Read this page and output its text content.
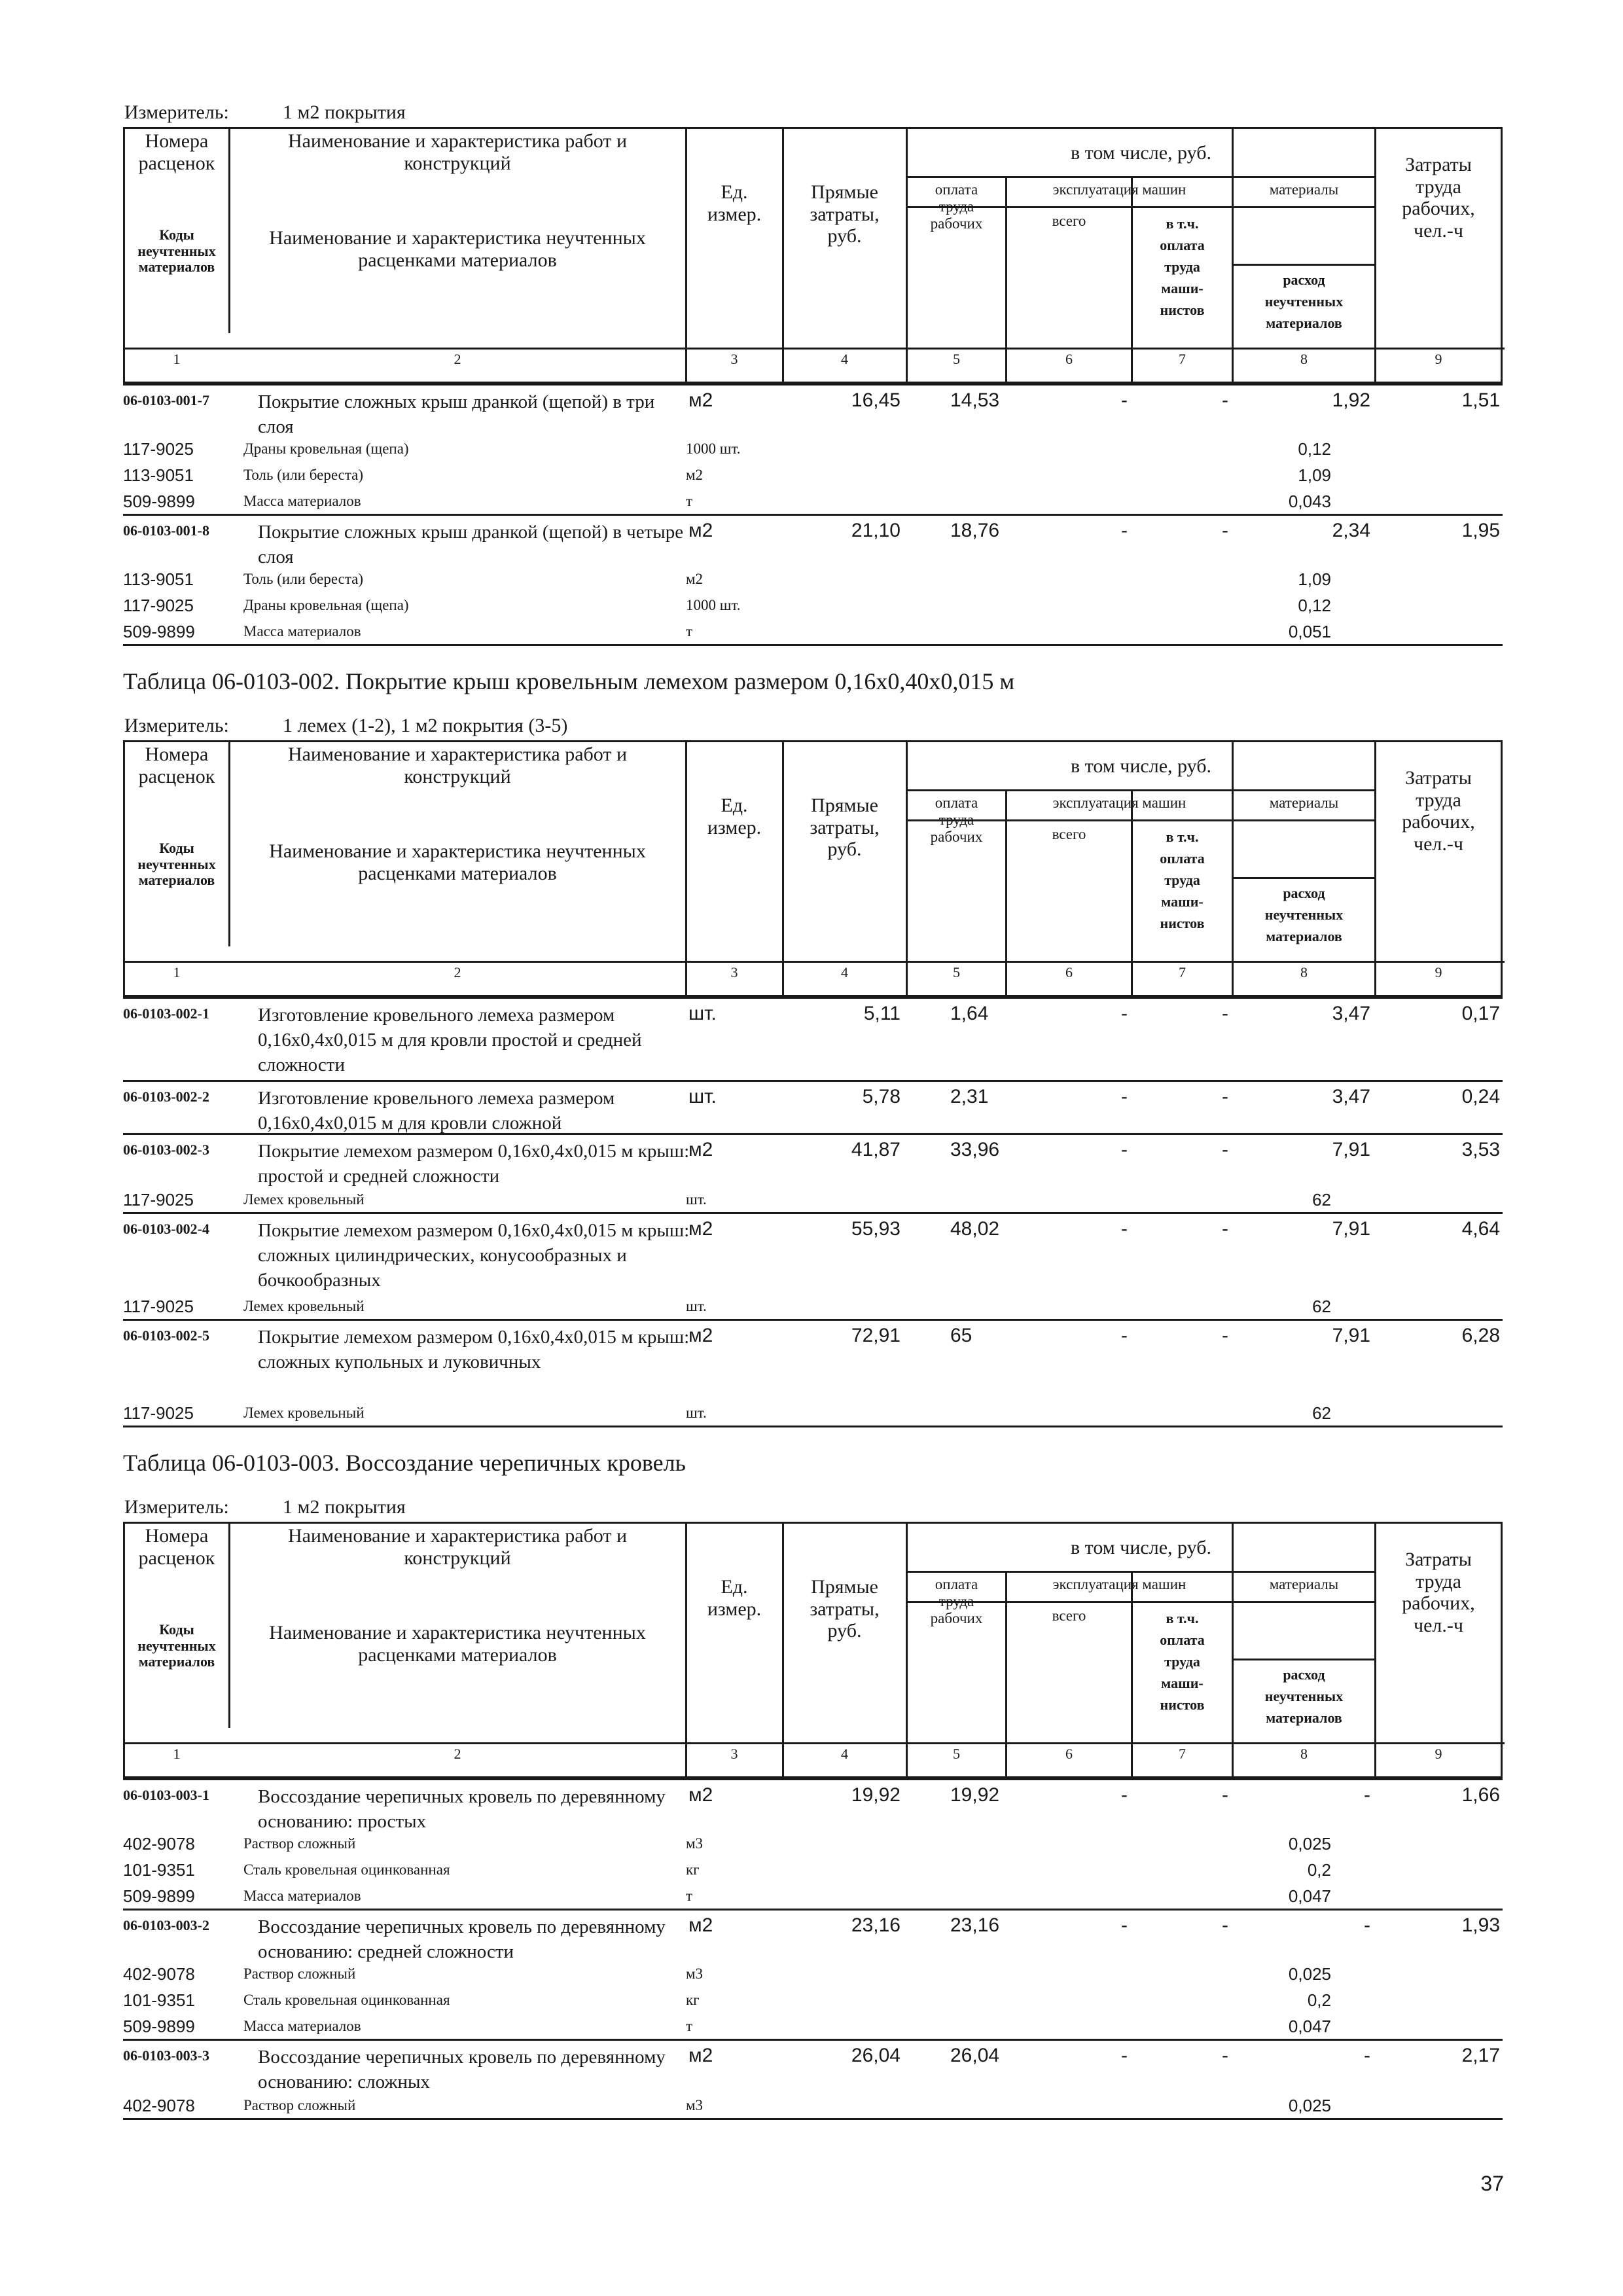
Измеритель:	1 м2 покрытия
Номера расценок
Коды неучтенных материалов
Наименование и характеристика работ и конструкций
Наименование и характеристика неучтенных расценками материалов
Ед. измер.
Прямые затраты, руб.
в том числе, руб.
оплата труда рабочих
эксплуатация машин
всего	в т.ч. оплата труда маши-нистов
материалы
расход неучтенных материалов
Затраты труда рабочих, чел.-ч
1	2	3	4	5	6	7	8	9
06-0103-001-7	Покрытие сложных крыш дранкой (щепой) в три слоя
м2	16,45	14,53	-	-	1,92	1,51
117-9025	Драны кровельная (щепа)	1000 шт.	0,12
113-9051	Толь (или береста)	м2	1,09
509-9899	Масса материалов	т	0,043
06-0103-001-8	Покрытие сложных крыш дранкой (щепой) в четыре слоя
м2	21,10	18,76	-	-	2,34	1,95
113-9051	Толь (или береста)	м2	1,09
117-9025	Драны кровельная (щепа)	1000 шт.	0,12
509-9899	Масса материалов	т	0,051
Таблица 06-0103-002. Покрытие крыш кровельным лемехом размером 0,16х0,40х0,015 м
Измеритель:	1 лемех (1-2), 1 м2 покрытия (3-5)
Номера расценок
Коды неучтенных материалов
Наименование и характеристика работ и конструкций
Наименование и характеристика неучтенных расценками материалов
Ед. измер.
Прямые затраты, руб.
в том числе, руб.
оплата труда рабочих
эксплуатация машин
всего	в т.ч. оплата труда маши-нистов
материалы
расход неучтенных материалов
Затраты труда рабочих, чел.-ч
1	2	3	4	5	6	7	8	9
06-0103-002-1	Изготовление кровельного лемеха размером 0,16х0,4х0,015 м для кровли простой и средней сложности
шт.	5,11	1,64	-	-	3,47	0,17
06-0103-002-2	Изготовление кровельного лемеха размером 0,16х0,4х0,015 м для кровли сложной
шт.	5,78	2,31	-	-	3,47	0,24
06-0103-002-3	Покрытие лемехом размером 0,16х0,4х0,015 м крыш: простой и средней сложности
м2	41,87	33,96	-	-	7,91	3,53
117-9025	Лемех кровельный	шт.	62
06-0103-002-4	Покрытие лемехом размером 0,16х0,4х0,015 м крыш: сложных цилиндрических, конусообразных и бочкообразных
м2	55,93	48,02	-	-	7,91	4,64
117-9025	Лемех кровельный	шт.	62
06-0103-002-5	Покрытие лемехом размером 0,16х0,4х0,015 м крыш: сложных купольных и луковичных
м2	72,91	65	-	-	7,91	6,28
117-9025	Лемех кровельный	шт.	62
Таблица 06-0103-003. Воссоздание черепичных кровель
Измеритель:	1 м2 покрытия
Номера расценок
Коды неучтенных материалов
Наименование и характеристика работ и конструкций
Наименование и характеристика неучтенных расценками материалов
Ед. измер.
Прямые затраты, руб.
в том числе, руб.
оплата труда рабочих
эксплуатация машин
всего	в т.ч. оплата труда маши-нистов
материалы
расход неучтенных материалов
Затраты труда рабочих, чел.-ч
1	2	3	4	5	6	7	8	9
06-0103-003-1	Воссоздание черепичных кровель по деревянному основанию: простых
м2	19,92	19,92	-	-	-	1,66
402-9078	Раствор сложный	м3	0,025
101-9351	Сталь кровельная оцинкованная	кг	0,2
509-9899	Масса материалов	т	0,047
06-0103-003-2	Воссоздание черепичных кровель по деревянному основанию: средней сложности
м2	23,16	23,16	-	-	-	1,93
402-9078	Раствор сложный	м3	0,025
101-9351	Сталь кровельная оцинкованная	кг	0,2
509-9899	Масса материалов	т	0,047
06-0103-003-3	Воссоздание черепичных кровель по деревянному основанию: сложных
м2	26,04	26,04	-	-	-	2,17
402-9078	Раствор сложный	м3	0,025
37
